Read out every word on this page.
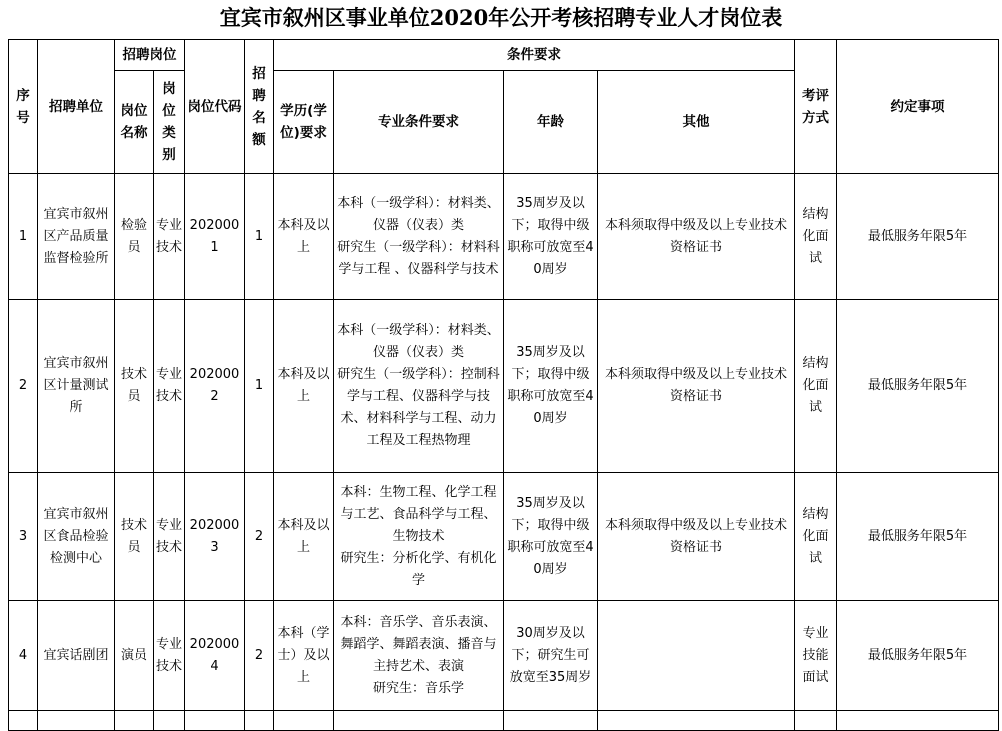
宜宾市叙州区事业单位2020年公开考核招聘专业人才岗位表
序号	招聘单位	招聘岗位		岗位代码	招聘名额	条件要求				考评方式	约定事项
		岗位名称	岗位类别			学历(学位)要求	专业条件要求	年龄	其他		
1	宜宾市叙州区产品质量监督检验所	检验员	专业技术	2020001	1	本科及以上	本科（一级学科）：材料类、仪器（仪表）类
研究生（一级学科）：材料科学与工程 、仪器科学与技术	35周岁及以下；取得中级职称可放宽至40周岁	本科须取得中级及以上专业技术资格证书	结构化面试	最低服务年限5年
2	宜宾市叙州区计量测试所	技术员	专业技术	2020002	1	本科及以上	本科（一级学科）：材料类、仪器（仪表）类
研究生（一级学科）：控制科学与工程、仪器科学与技术、材料科学与工程、动力工程及工程热物理	35周岁及以下；取得中级职称可放宽至40周岁	本科须取得中级及以上专业技术资格证书	结构化面试	最低服务年限5年
3	宜宾市叙州区食品检验检测中心	技术员	专业技术	2020003	2	本科及以上	本科：生物工程、化学工程与工艺、食品科学与工程、生物技术
研究生：分析化学、有机化学	35周岁及以下；取得中级职称可放宽至40周岁	本科须取得中级及以上专业技术资格证书	结构化面试	最低服务年限5年
4	宜宾话剧团	演员	专业技术	2020004	2	本科（学士）及以上	本科：音乐学、音乐表演、舞蹈学、舞蹈表演、播音与主持艺术、表演
研究生：音乐学	30周岁及以下；研究生可放宽至35周岁		专业技能面试	最低服务年限5年
